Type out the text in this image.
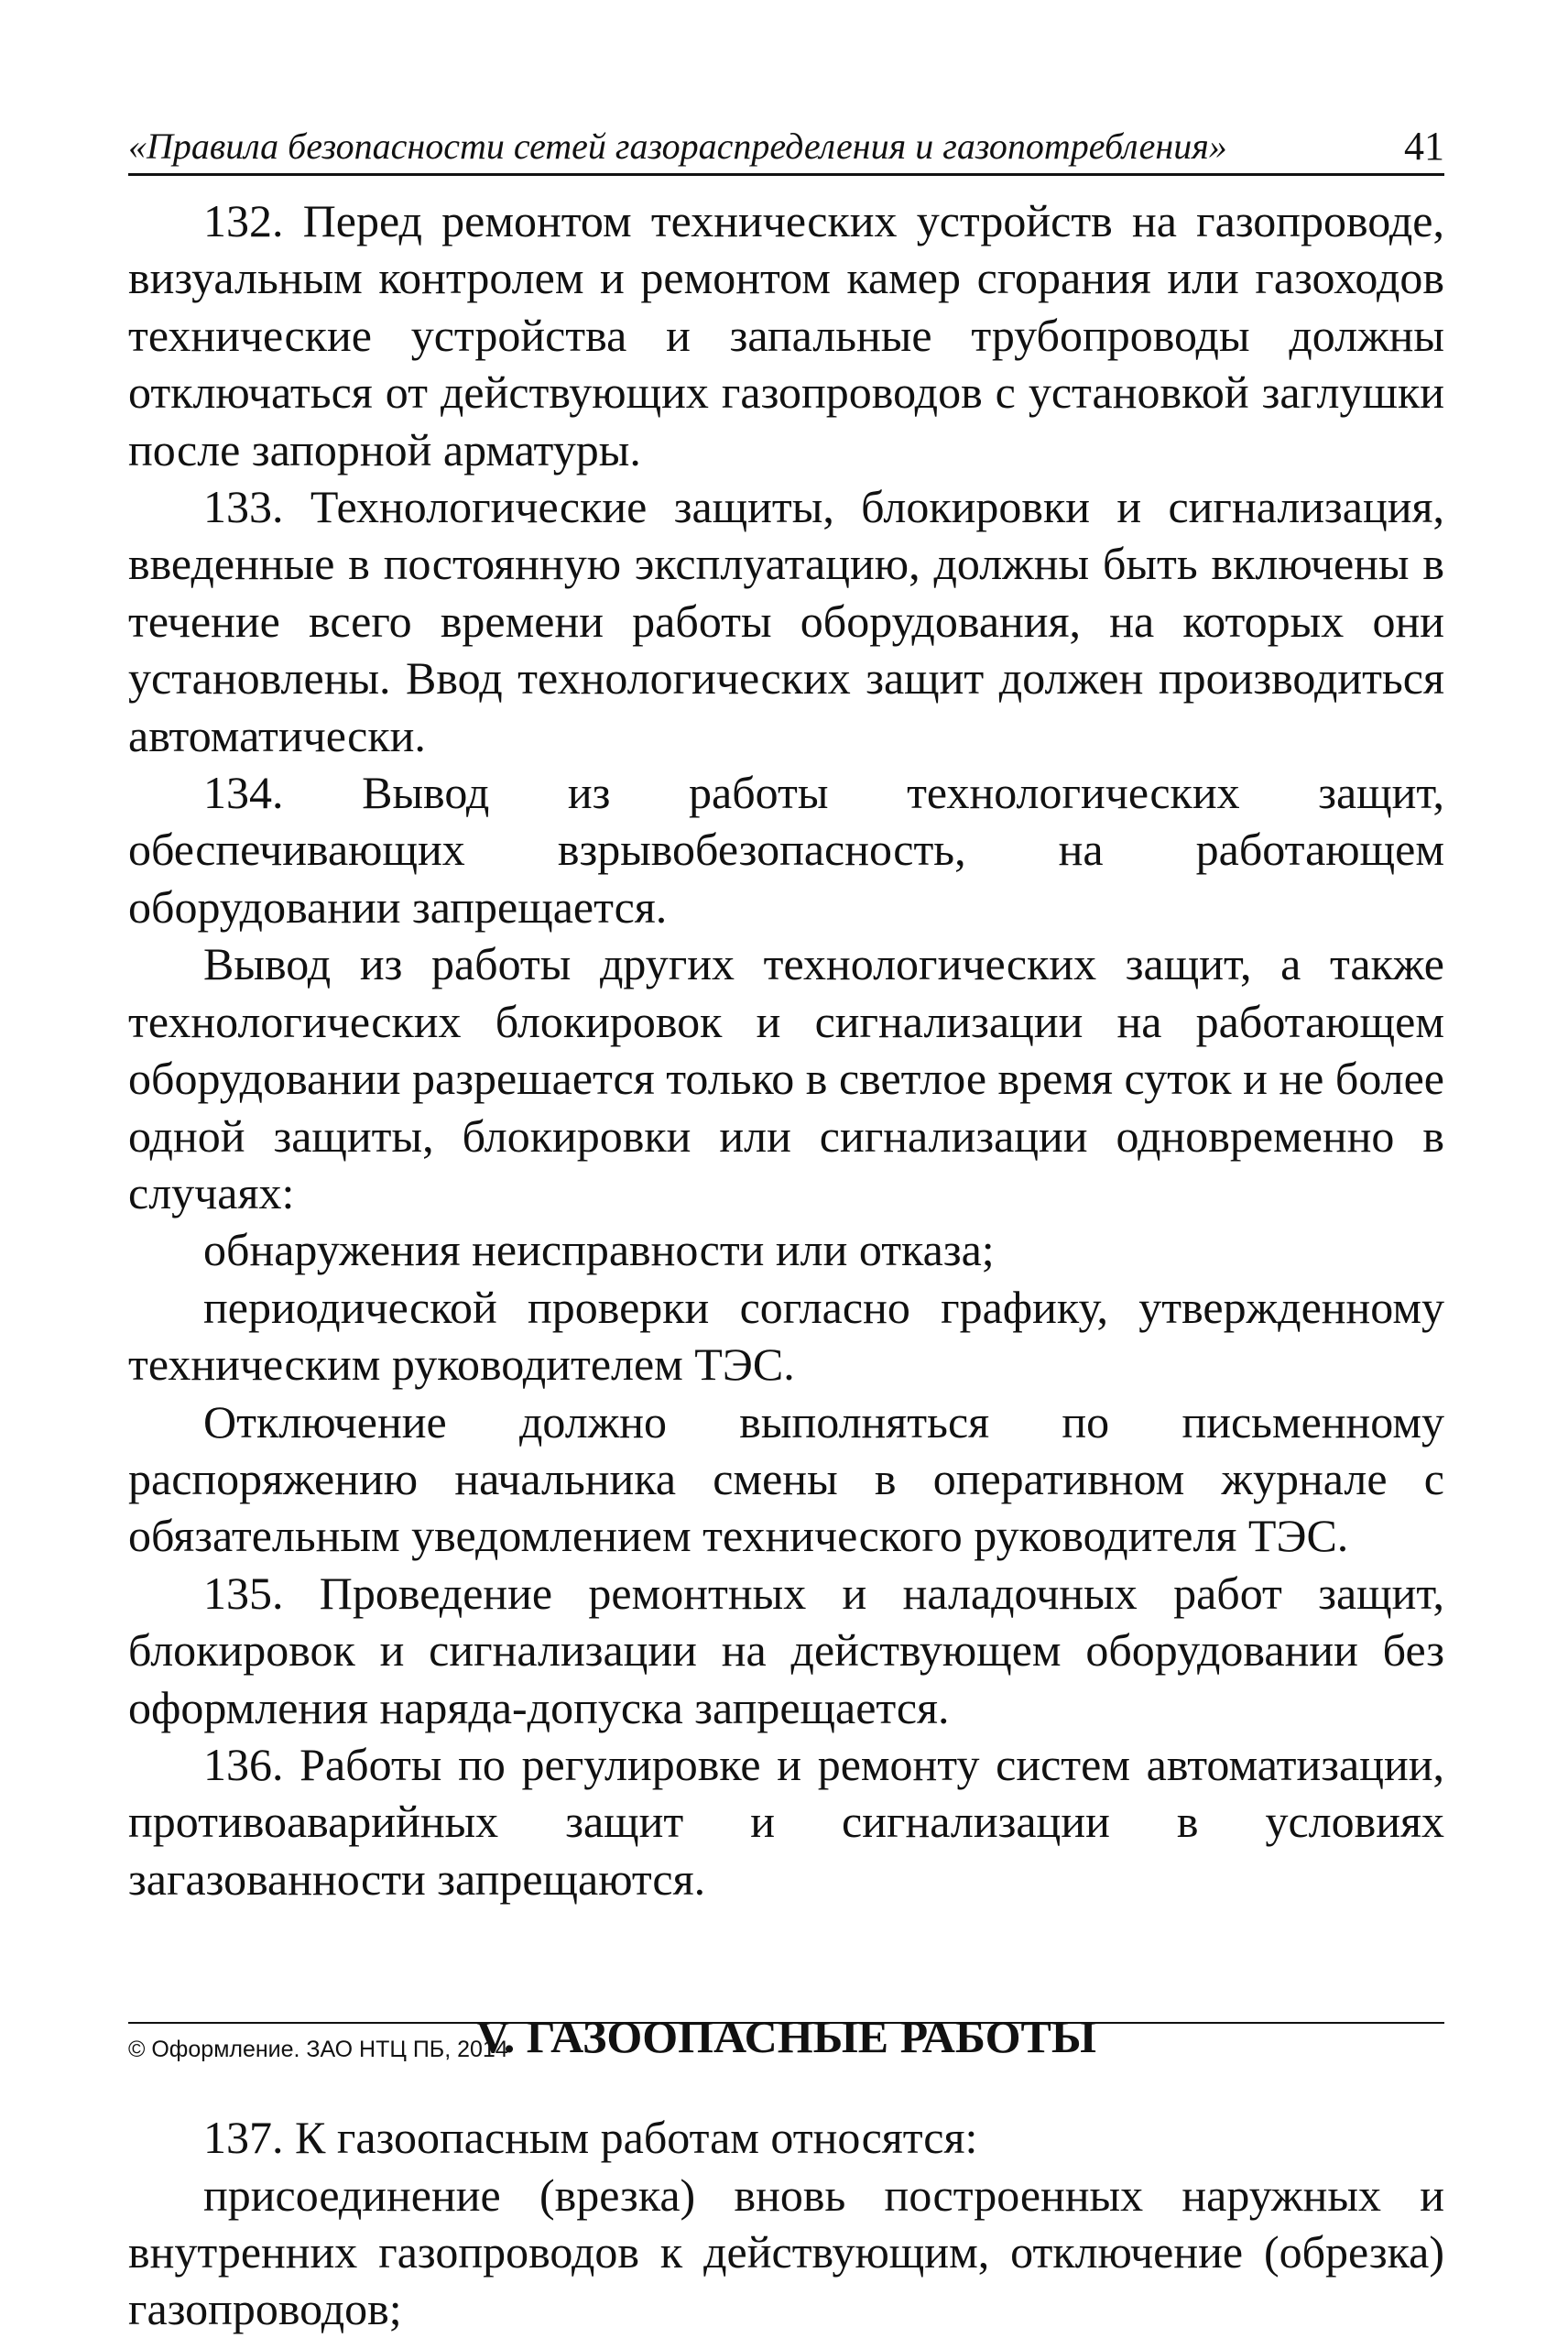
«Правила безопасности сетей газораспределения и газопотребления»	41

132. Перед ремонтом технических устройств на газопроводе, визуальным контролем и ремонтом камер сгорания или газоходов технические устройства и запальные трубопроводы должны отключаться от действующих газопроводов с установкой заглушки после запорной арматуры.

133. Технологические защиты, блокировки и сигнализация, введенные в постоянную эксплуатацию, должны быть включены в течение всего времени работы оборудования, на которых они установлены. Ввод технологических защит должен производиться автоматически.

134. Вывод из работы технологических защит, обеспечивающих взрывобезопасность, на работающем оборудовании запрещается.

Вывод из работы других технологических защит, а также технологических блокировок и сигнализации на работающем оборудовании разрешается только в светлое время суток и не более одной защиты, блокировки или сигнализации одновременно в случаях:

обнаружения неисправности или отказа;

периодической проверки согласно графику, утвержденному техническим руководителем ТЭС.

Отключение должно выполняться по письменному распоряжению начальника смены в оперативном журнале с обязательным уведомлением технического руководителя ТЭС.

135. Проведение ремонтных и наладочных работ защит, блокировок и сигнализации на действующем оборудовании без оформления наряда-допуска запрещается.

136. Работы по регулировке и ремонту систем автоматизации, противоаварийных защит и сигнализации в условиях загазованности запрещаются.

V. ГАЗООПАСНЫЕ РАБОТЫ

137. К газоопасным работам относятся:

присоединение (врезка) вновь построенных наружных и внутренних газопроводов к действующим, отключение (обрезка) газопроводов;

© Оформление. ЗАО НТЦ ПБ, 2014
